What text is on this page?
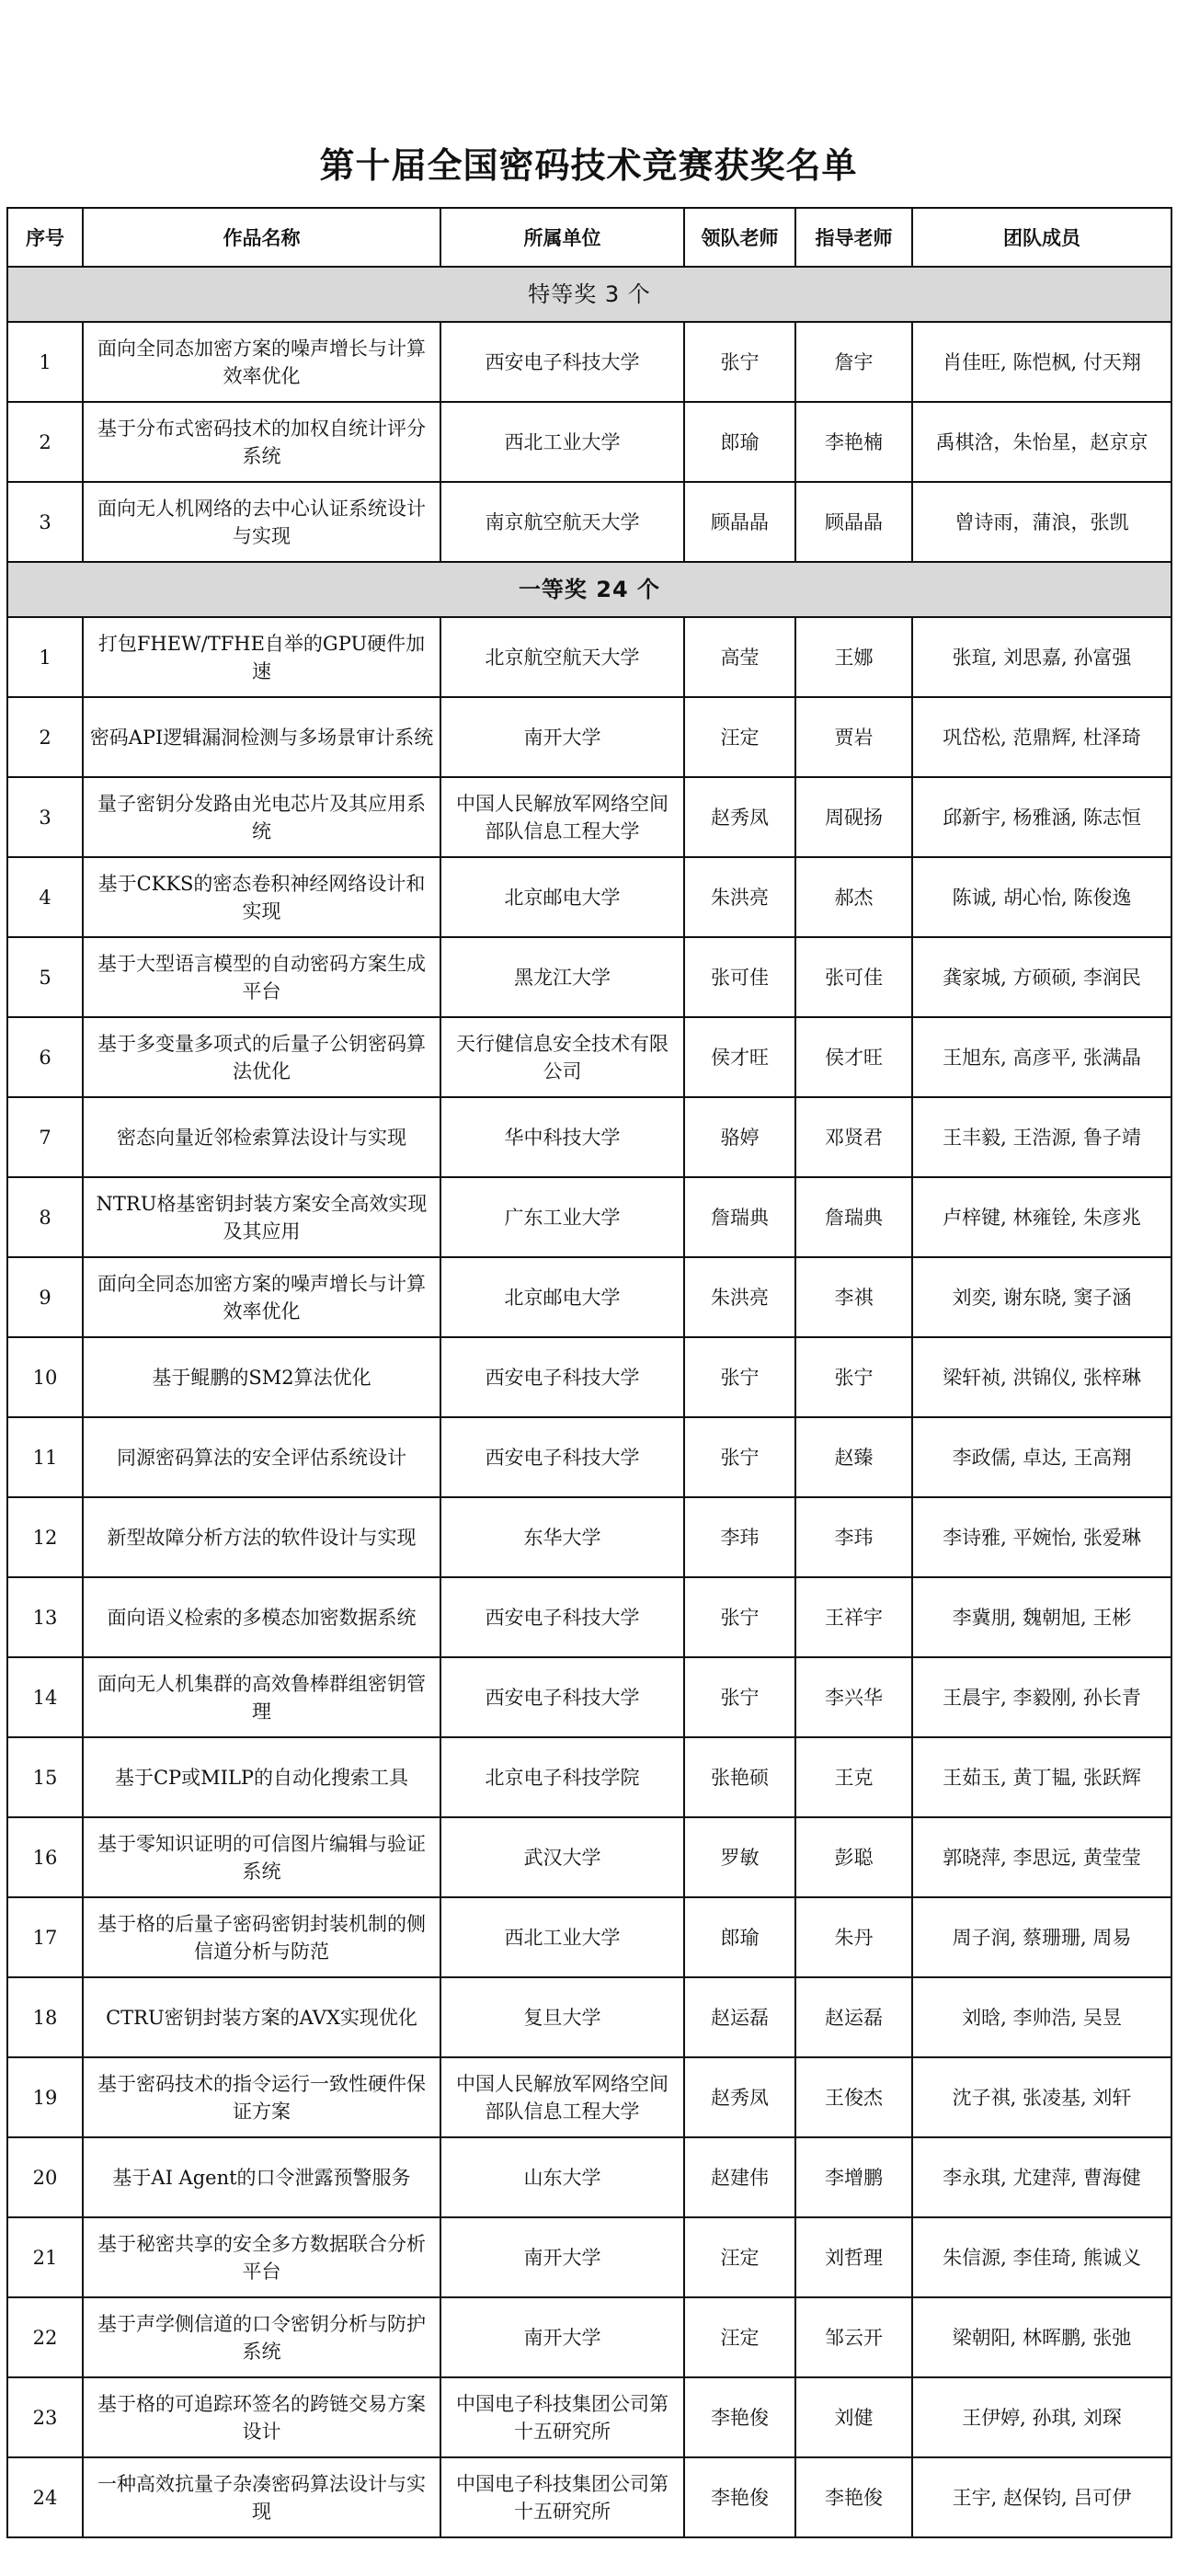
第十届全国密码技术竞赛获奖名单
序号	作品名称	所属单位	领队老师	指导老师	团队成员
特等奖 3 个					
1	面向全同态加密方案的噪声增长与计算效率优化	西安电子科技大学	张宁	詹宇	肖佳旺, 陈恺枫, 付天翔
2	基于分布式密码技术的加权自统计评分系统	西北工业大学	郎瑜	李艳楠	禹棋浛，朱怡星，赵京京
3	面向无人机网络的去中心认证系统设计与实现	南京航空航天大学	顾晶晶	顾晶晶	曾诗雨，蒲浪，张凯
一等奖 24 个					
1	打包FHEW/TFHE自举的GPU硬件加速	北京航空航天大学	高莹	王娜	张瑄, 刘思嘉, 孙富强
2	密码API逻辑漏洞检测与多场景审计系统	南开大学	汪定	贾岩	巩岱松, 范鼎辉, 杜泽琦
3	量子密钥分发路由光电芯片及其应用系统	中国人民解放军网络空间部队信息工程大学	赵秀凤	周砚扬	邱新宇, 杨雅涵, 陈志恒
4	基于CKKS的密态卷积神经网络设计和实现	北京邮电大学	朱洪亮	郝杰	陈诚, 胡心怡, 陈俊逸
5	基于大型语言模型的自动密码方案生成平台	黑龙江大学	张可佳	张可佳	龚家城, 方硕硕, 李润民
6	基于多变量多项式的后量子公钥密码算法优化	天行健信息安全技术有限公司	侯才旺	侯才旺	王旭东, 高彦平, 张满晶
7	密态向量近邻检索算法设计与实现	华中科技大学	骆婷	邓贤君	王丰毅, 王浩源, 鲁子靖
8	NTRU格基密钥封装方案安全高效实现及其应用	广东工业大学	詹瑞典	詹瑞典	卢梓键, 林雍铨, 朱彦兆
9	面向全同态加密方案的噪声增长与计算效率优化	北京邮电大学	朱洪亮	李祺	刘奕, 谢东晓, 窦子涵
10	基于鲲鹏的SM2算法优化	西安电子科技大学	张宁	张宁	梁轩祯, 洪锦仪, 张梓琳
11	同源密码算法的安全评估系统设计	西安电子科技大学	张宁	赵臻	李政儒, 卓达, 王高翔
12	新型故障分析方法的软件设计与实现	东华大学	李玮	李玮	李诗雅, 平婉怡, 张爱琳
13	面向语义检索的多模态加密数据系统	西安电子科技大学	张宁	王祥宇	李冀朋, 魏朝旭, 王彬
14	面向无人机集群的高效鲁棒群组密钥管理	西安电子科技大学	张宁	李兴华	王晨宇, 李毅刚, 孙长青
15	基于CP或MILP的自动化搜索工具	北京电子科技学院	张艳硕	王克	王茹玉, 黄丁韫, 张跃辉
16	基于零知识证明的可信图片编辑与验证系统	武汉大学	罗敏	彭聪	郭晓萍, 李思远, 黄莹莹
17	基于格的后量子密码密钥封装机制的侧信道分析与防范	西北工业大学	郎瑜	朱丹	周子润, 蔡珊珊, 周易
18	CTRU密钥封装方案的AVX实现优化	复旦大学	赵运磊	赵运磊	刘晗, 李帅浩, 吴昱
19	基于密码技术的指令运行一致性硬件保证方案	中国人民解放军网络空间部队信息工程大学	赵秀凤	王俊杰	沈子祺, 张凌基, 刘轩
20	基于AI Agent的口令泄露预警服务	山东大学	赵建伟	李增鹏	李永琪, 尤建萍, 曹海健
21	基于秘密共享的安全多方数据联合分析平台	南开大学	汪定	刘哲理	朱信源, 李佳琦, 熊诚义
22	基于声学侧信道的口令密钥分析与防护系统	南开大学	汪定	邹云开	梁朝阳, 林晖鹏, 张弛
23	基于格的可追踪环签名的跨链交易方案设计	中国电子科技集团公司第十五研究所	李艳俊	刘健	王伊婷, 孙琪, 刘琛
24	一种高效抗量子杂凑密码算法设计与实现	中国电子科技集团公司第十五研究所	李艳俊	李艳俊	王宇, 赵保钧, 吕可伊
